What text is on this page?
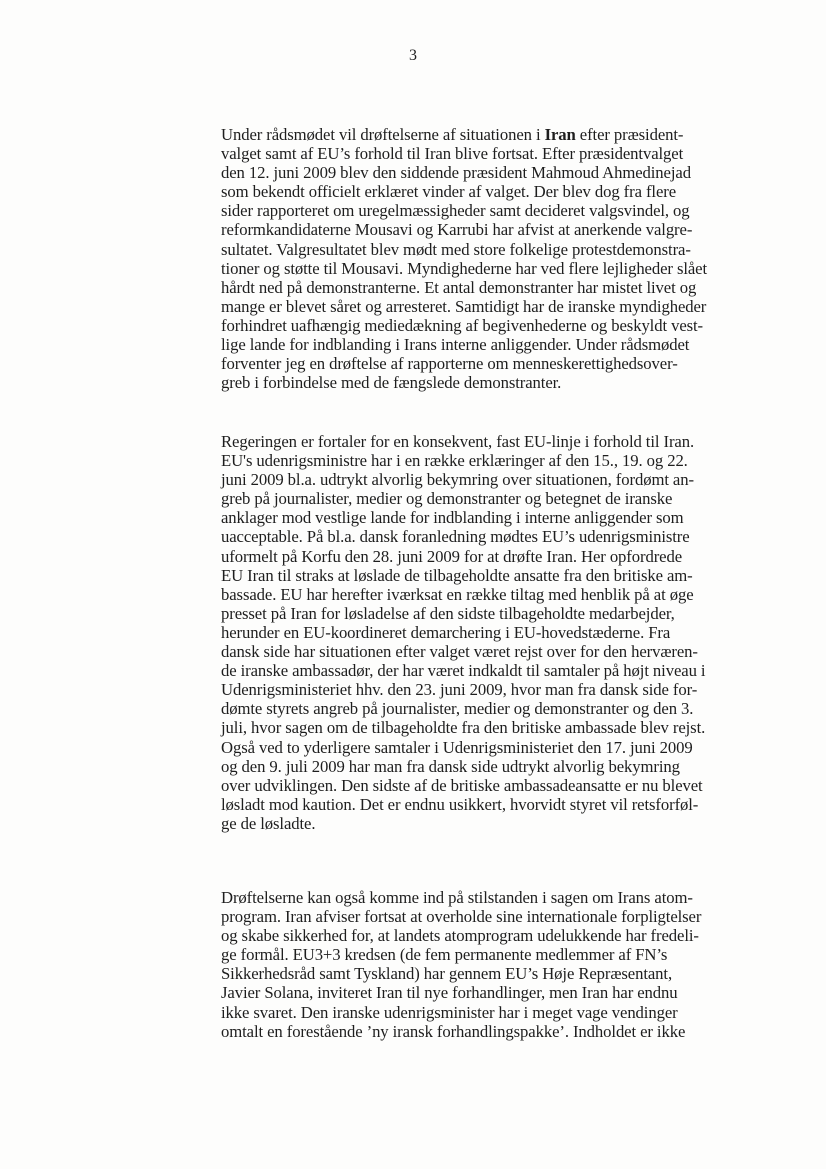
3
Under rådsmødet vil drøftelserne af situationen i Iran efter præsident-
valget samt af EU’s forhold til Iran blive fortsat. Efter præsidentvalget
den 12. juni 2009 blev den siddende præsident Mahmoud Ahmedinejad
som bekendt officielt erklæret vinder af valget. Der blev dog fra flere
sider rapporteret om uregelmæssigheder samt decideret valgsvindel, og
reformkandidaterne Mousavi og Karrubi har afvist at anerkende valgre-
sultatet. Valgresultatet blev mødt med store folkelige protestdemonstra-
tioner og støtte til Mousavi. Myndighederne har ved flere lejligheder slået
hårdt ned på demonstranterne. Et antal demonstranter har mistet livet og
mange er blevet såret og arresteret. Samtidigt har de iranske myndigheder
forhindret uafhængig mediedækning af begivenhederne og beskyldt vest-
lige lande for indblanding i Irans interne anliggender. Under rådsmødet
forventer jeg en drøftelse af rapporterne om menneskerettighedsover-
greb i forbindelse med de fængslede demonstranter.
Regeringen er fortaler for en konsekvent, fast EU-linje i forhold til Iran.
EU's udenrigsministre har i en række erklæringer af den 15., 19. og 22.
juni 2009 bl.a. udtrykt alvorlig bekymring over situationen, fordømt an-
greb på journalister, medier og demonstranter og betegnet de iranske
anklager mod vestlige lande for indblanding i interne anliggender som
uacceptable. På bl.a. dansk foranledning mødtes EU’s udenrigsministre
uformelt på Korfu den 28. juni 2009 for at drøfte Iran. Her opfordrede
EU Iran til straks at løslade de tilbageholdte ansatte fra den britiske am-
bassade. EU har herefter iværksat en række tiltag med henblik på at øge
presset på Iran for løsladelse af den sidste tilbageholdte medarbejder,
herunder en EU-koordineret demarchering i EU-hovedstæderne. Fra
dansk side har situationen efter valget været rejst over for den herværen-
de iranske ambassadør, der har været indkaldt til samtaler på højt niveau i
Udenrigsministeriet hhv. den 23. juni 2009, hvor man fra dansk side for-
dømte styrets angreb på journalister, medier og demonstranter og den 3.
juli, hvor sagen om de tilbageholdte fra den britiske ambassade blev rejst.
Også ved to yderligere samtaler i Udenrigsministeriet den 17. juni 2009
og den 9. juli 2009 har man fra dansk side udtrykt alvorlig bekymring
over udviklingen. Den sidste af de britiske ambassadeansatte er nu blevet
løsladt mod kaution. Det er endnu usikkert, hvorvidt styret vil retsforføl-
ge de løsladte.
Drøftelserne kan også komme ind på stilstanden i sagen om Irans atom-
program. Iran afviser fortsat at overholde sine internationale forpligtelser
og skabe sikkerhed for, at landets atomprogram udelukkende har fredeli-
ge formål. EU3+3 kredsen (de fem permanente medlemmer af FN’s
Sikkerhedsråd samt Tyskland) har gennem EU’s Høje Repræsentant,
Javier Solana, inviteret Iran til nye forhandlinger, men Iran har endnu
ikke svaret. Den iranske udenrigsminister har i meget vage vendinger
omtalt en forestående ’ny iransk forhandlingspakke’. Indholdet er ikke
